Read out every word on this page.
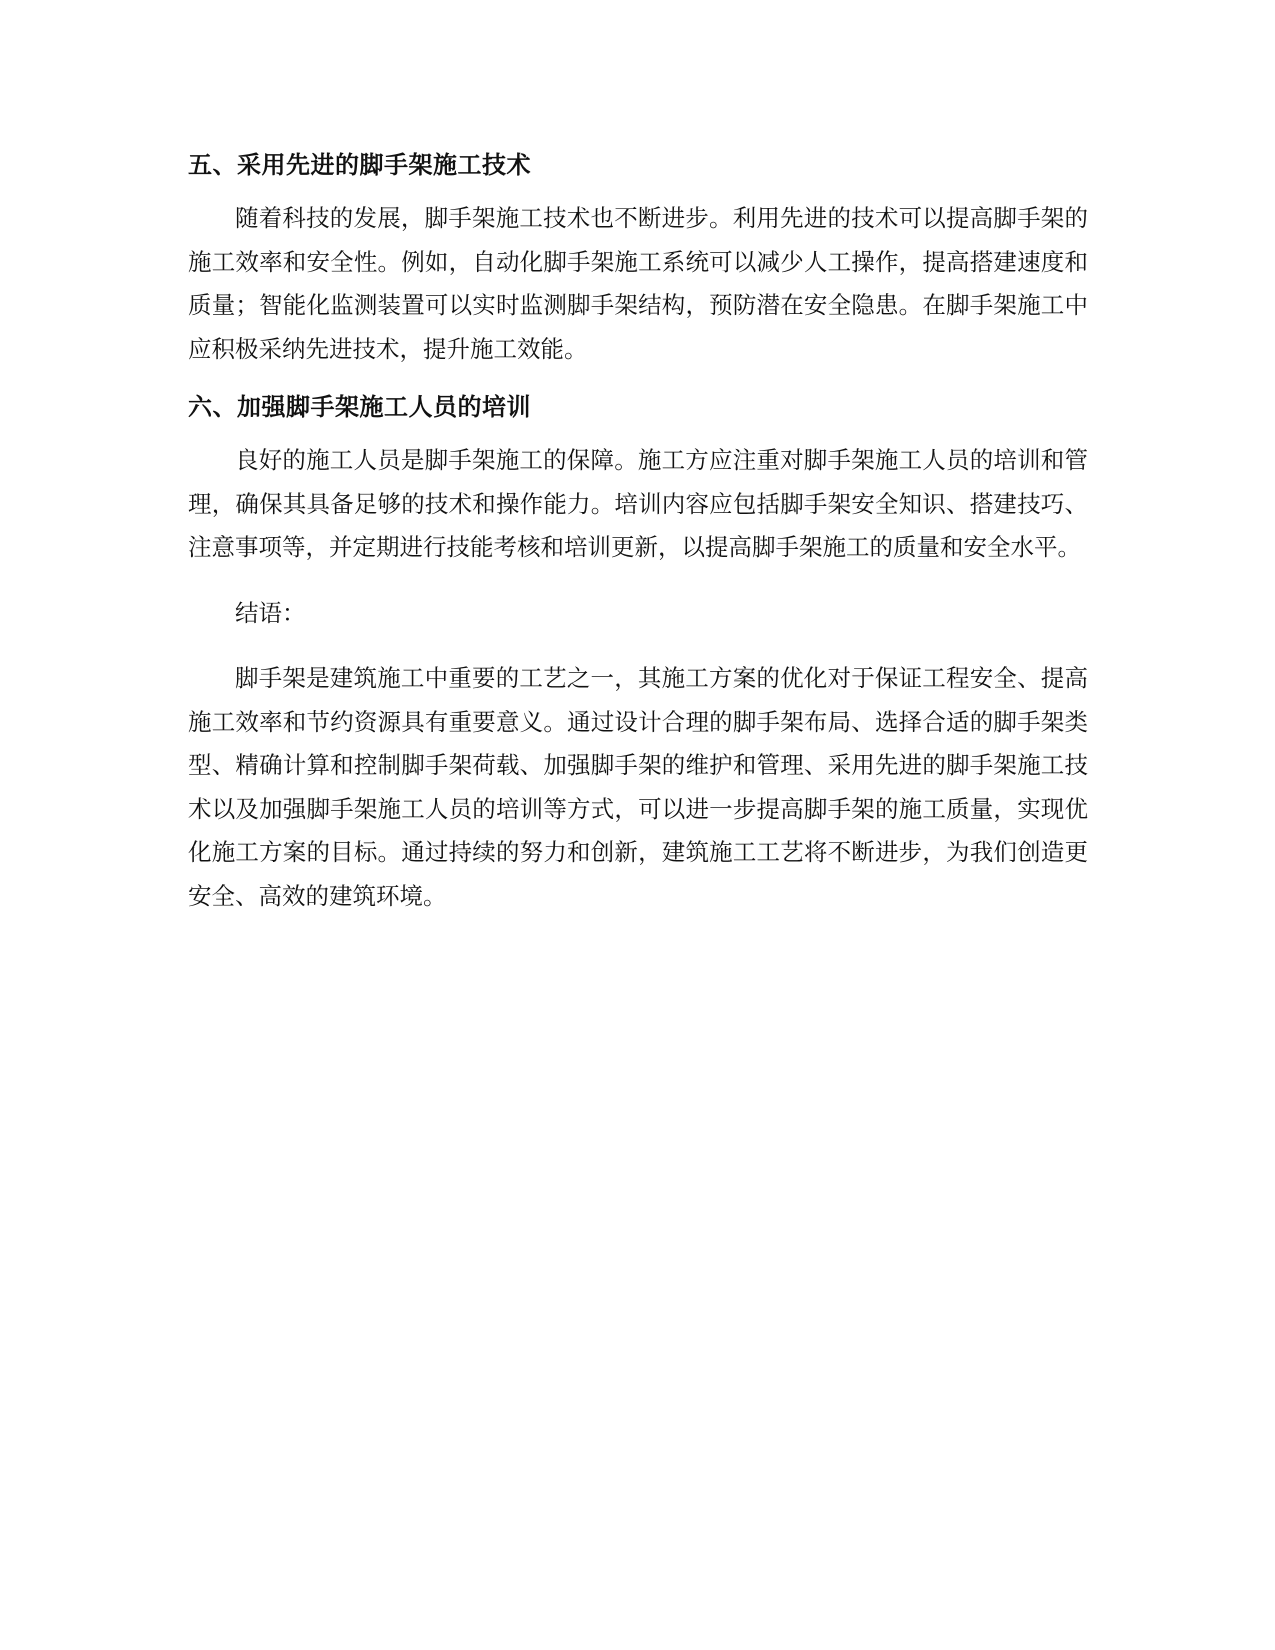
五、采用先进的脚手架施工技术

随着科技的发展，脚手架施工技术也不断进步。利用先进的技术可以提高脚手架的施工效率和安全性。例如，自动化脚手架施工系统可以减少人工操作，提高搭建速度和质量；智能化监测装置可以实时监测脚手架结构，预防潜在安全隐患。在脚手架施工中应积极采纳先进技术，提升施工效能。

六、加强脚手架施工人员的培训

良好的施工人员是脚手架施工的保障。施工方应注重对脚手架施工人员的培训和管理，确保其具备足够的技术和操作能力。培训内容应包括脚手架安全知识、搭建技巧、注意事项等，并定期进行技能考核和培训更新，以提高脚手架施工的质量和安全水平。

结语：

脚手架是建筑施工中重要的工艺之一，其施工方案的优化对于保证工程安全、提高施工效率和节约资源具有重要意义。通过设计合理的脚手架布局、选择合适的脚手架类型、精确计算和控制脚手架荷载、加强脚手架的维护和管理、采用先进的脚手架施工技术以及加强脚手架施工人员的培训等方式，可以进一步提高脚手架的施工质量，实现优化施工方案的目标。通过持续的努力和创新，建筑施工工艺将不断进步，为我们创造更安全、高效的建筑环境。
